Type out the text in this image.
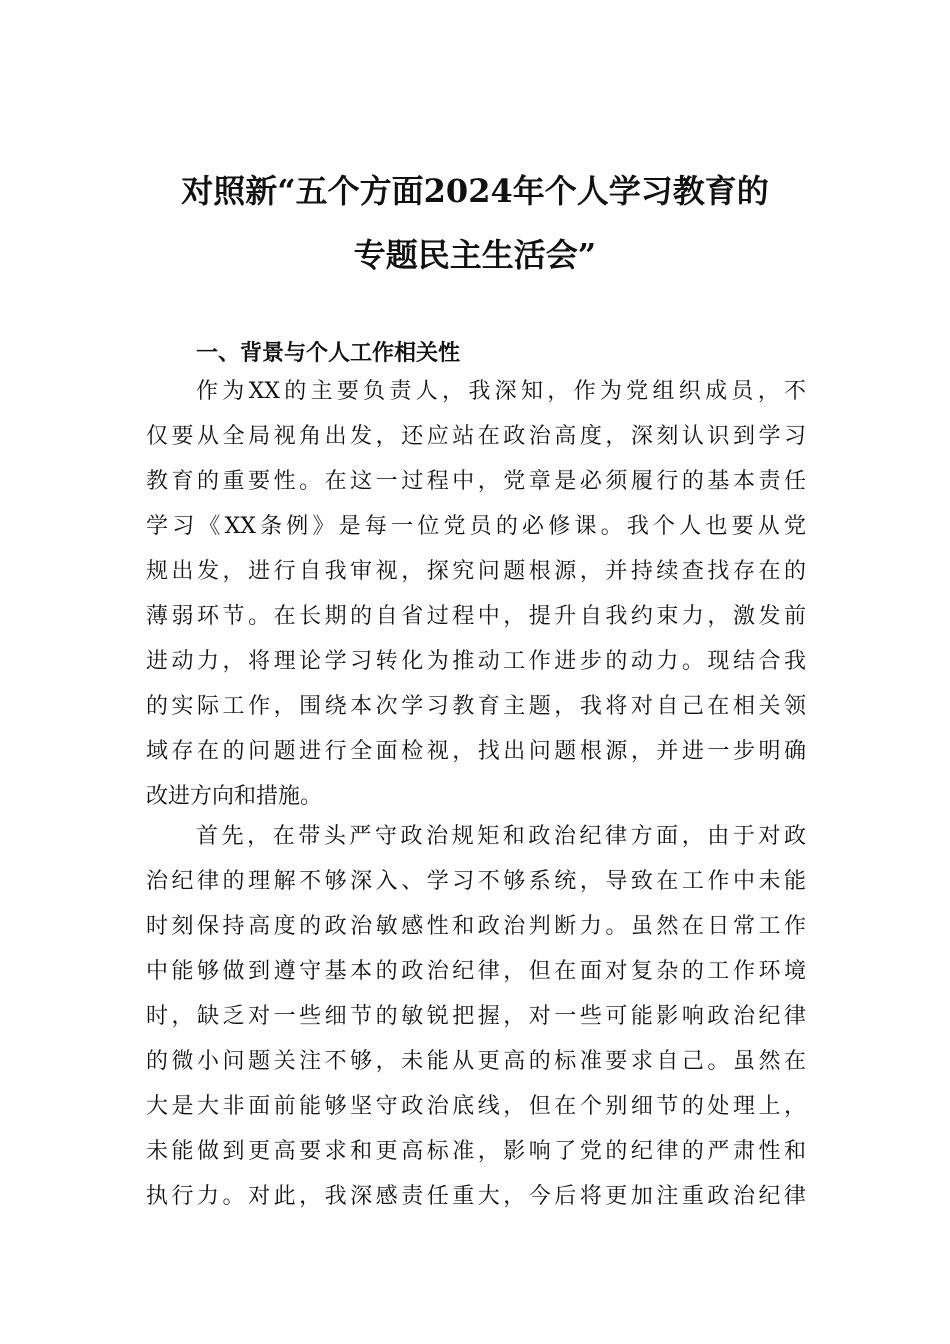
对照新“五个方面2024年个人学习教育的
专题民主生活会”
一、背景与个人工作相关性
作为XX的主要负责人，我深知，作为党组织成员，不
仅要从全局视角出发，还应站在政治高度，深刻认识到学习
教育的重要性。在这一过程中，党章是必须履行的基本责任
学习《XX条例》是每一位党员的必修课。我个人也要从党
规出发，进行自我审视，探究问题根源，并持续查找存在的
薄弱环节。在长期的自省过程中，提升自我约束力，激发前
进动力，将理论学习转化为推动工作进步的动力。现结合我
的实际工作，围绕本次学习教育主题，我将对自己在相关领
域存在的问题进行全面检视，找出问题根源，并进一步明确
改进方向和措施。
首先，在带头严守政治规矩和政治纪律方面，由于对政
治纪律的理解不够深入、学习不够系统，导致在工作中未能
时刻保持高度的政治敏感性和政治判断力。虽然在日常工作
中能够做到遵守基本的政治纪律，但在面对复杂的工作环境
时，缺乏对一些细节的敏锐把握，对一些可能影响政治纪律
的微小问题关注不够，未能从更高的标准要求自己。虽然在
大是大非面前能够坚守政治底线，但在个别细节的处理上，
未能做到更高要求和更高标准，影响了党的纪律的严肃性和
执行力。对此，我深感责任重大，今后将更加注重政治纪律
